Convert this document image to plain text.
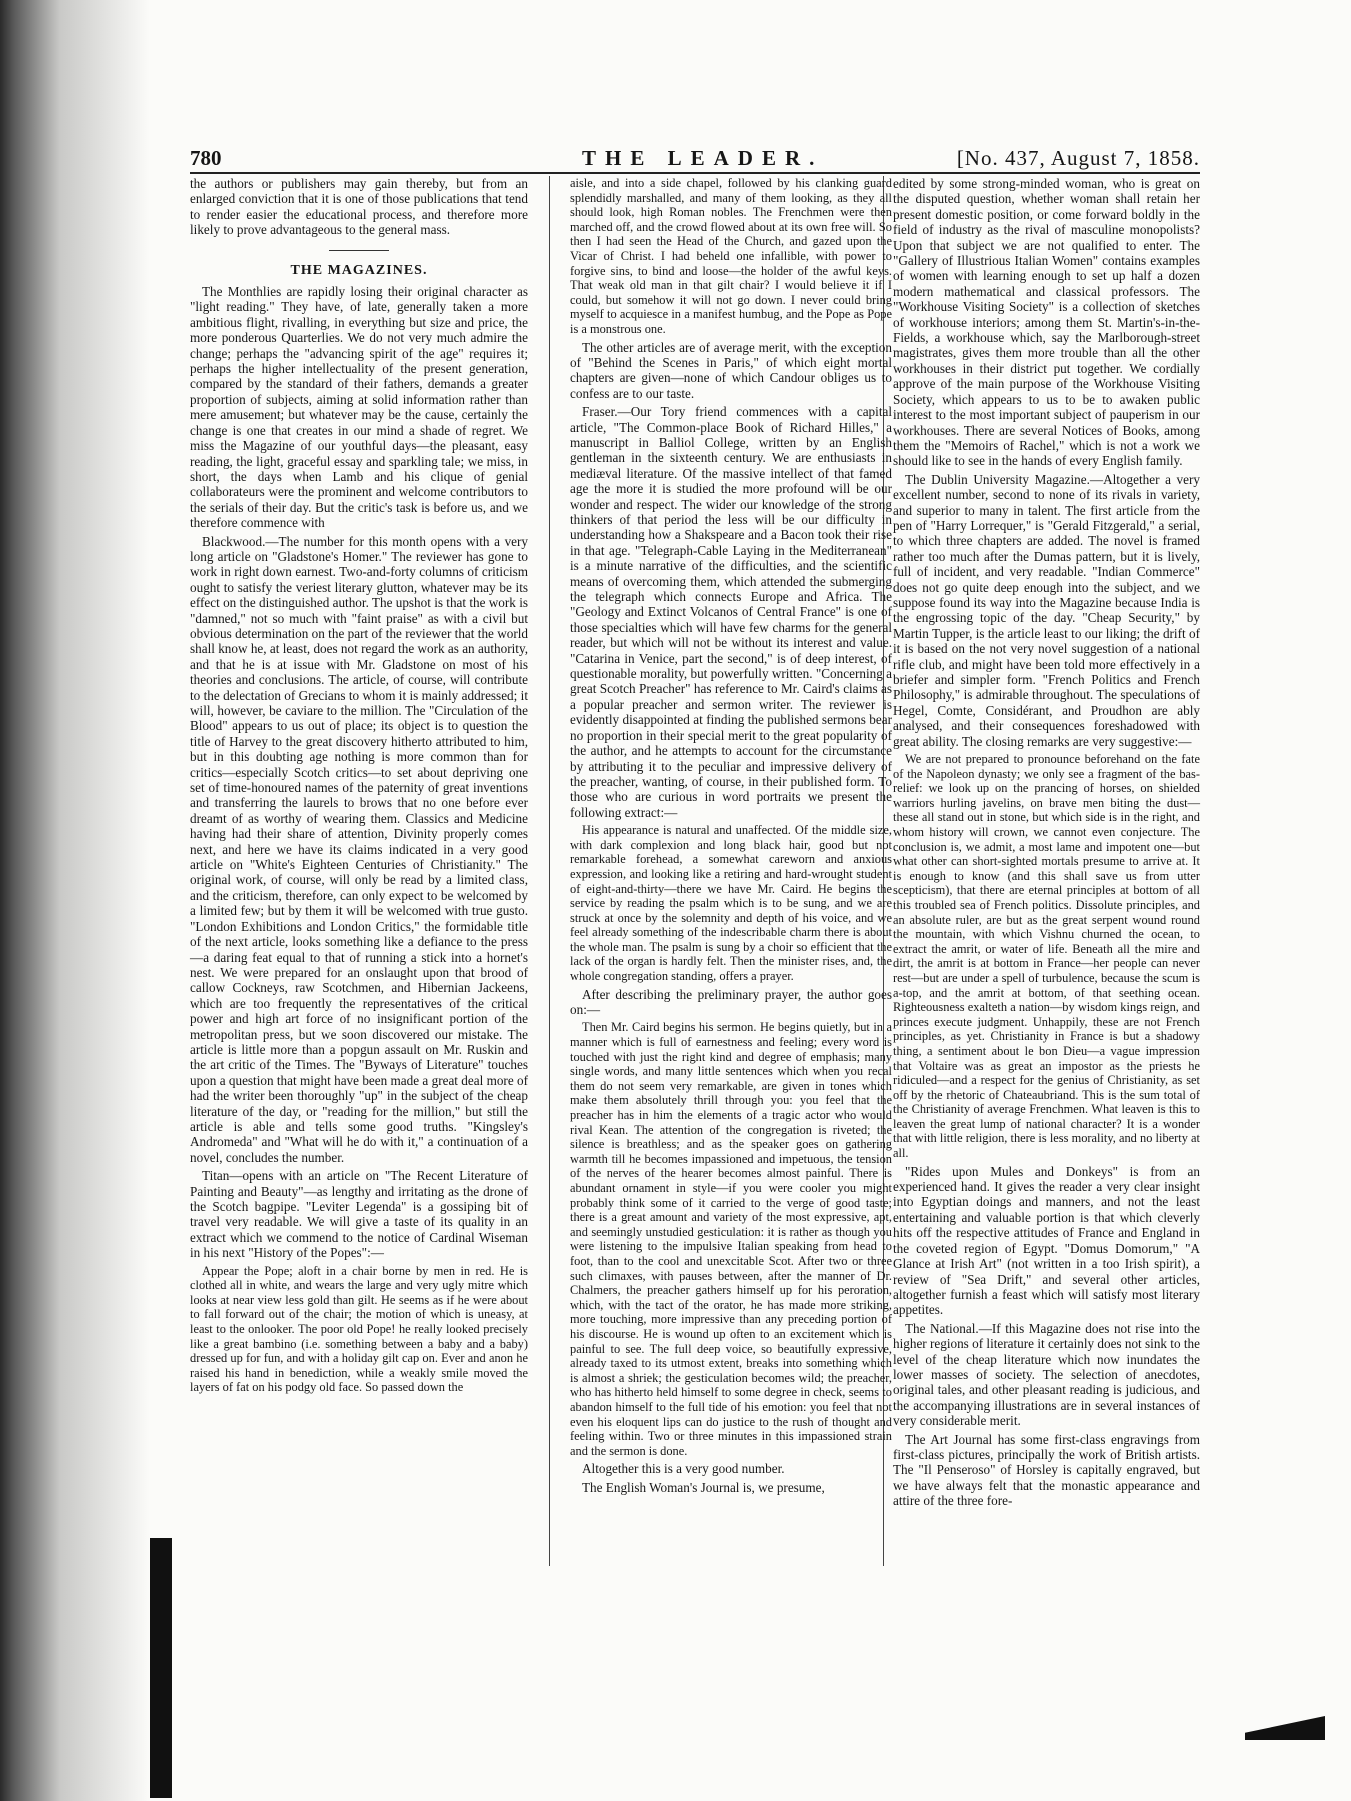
780	THE LEADER.	[No. 437, August 7, 1858.

the authors or publishers may gain thereby, but from an enlarged conviction that it is one of those publications that tend to render easier the educational process, and therefore more likely to prove advantageous to the general mass.

THE MAGAZINES.

The Monthlies are rapidly losing their original character as "light reading." They have, of late, generally taken a more ambitious flight, rivalling, in everything but size and price, the more ponderous Quarterlies. We do not very much admire the change; perhaps the "advancing spirit of the age" requires it; perhaps the higher intellectuality of the present generation, compared by the standard of their fathers, demands a greater proportion of subjects, aiming at solid information rather than mere amusement; but whatever may be the cause, certainly the change is one that creates in our mind a shade of regret. We miss the Magazine of our youthful days—the pleasant, easy reading, the light, graceful essay and sparkling tale; we miss, in short, the days when Lamb and his clique of genial collaborateurs were the prominent and welcome contributors to the serials of their day. But the critic's task is before us, and we therefore commence with

Blackwood.—The number for this month opens with a very long article on "Gladstone's Homer." The reviewer has gone to work in right down earnest. Two-and-forty columns of criticism ought to satisfy the veriest literary glutton, whatever may be its effect on the distinguished author. The upshot is that the work is "damned," not so much with "faint praise" as with a civil but obvious determination on the part of the reviewer that the world shall know he, at least, does not regard the work as an authority, and that he is at issue with Mr. Gladstone on most of his theories and conclusions. The article, of course, will contribute to the delectation of Grecians to whom it is mainly addressed; it will, however, be caviare to the million. The "Circulation of the Blood" appears to us out of place; its object is to question the title of Harvey to the great discovery hitherto attributed to him, but in this doubting age nothing is more common than for critics—especially Scotch critics—to set about depriving one set of time-honoured names of the paternity of great inventions and transferring the laurels to brows that no one before ever dreamt of as worthy of wearing them. Classics and Medicine having had their share of attention, Divinity properly comes next, and here we have its claims indicated in a very good article on "White's Eighteen Centuries of Christianity." The original work, of course, will only be read by a limited class, and the criticism, therefore, can only expect to be welcomed by a limited few; but by them it will be welcomed with true gusto. "London Exhibitions and London Critics," the formidable title of the next article, looks something like a defiance to the press—a daring feat equal to that of running a stick into a hornet's nest. We were prepared for an onslaught upon that brood of callow Cockneys, raw Scotchmen, and Hibernian Jackeens, which are too frequently the representatives of the critical power and high art force of no insignificant portion of the metropolitan press, but we soon discovered our mistake. The article is little more than a popgun assault on Mr. Ruskin and the art critic of the Times. The "Byways of Literature" touches upon a question that might have been made a great deal more of had the writer been thoroughly "up" in the subject of the cheap literature of the day, or "reading for the million," but still the article is able and tells some good truths. "Kingsley's Andromeda" and "What will he do with it," a continuation of a novel, concludes the number.

Titan—opens with an article on "The Recent Literature of Painting and Beauty"—as lengthy and irritating as the drone of the Scotch bagpipe. "Leviter Legenda" is a gossiping bit of travel very readable. We will give a taste of its quality in an extract which we commend to the notice of Cardinal Wiseman in his next "History of the Popes":—

Appear the Pope; aloft in a chair borne by men in red. He is clothed all in white, and wears the large and very ugly mitre which looks at near view less gold than gilt. He seems as if he were about to fall forward out of the chair; the motion of which is uneasy, at least to the onlooker. The poor old Pope! he really looked precisely like a great bambino (i.e. something between a baby and a baby) dressed up for fun, and with a holiday gilt cap on. Ever and anon he raised his hand in benediction, while a weakly smile moved the layers of fat on his podgy old face. So passed down the

aisle, and into a side chapel, followed by his clanking guard splendidly marshalled, and many of them looking, as they all should look, high Roman nobles. The Frenchmen were then marched off, and the crowd flowed about at its own free will. So then I had seen the Head of the Church, and gazed upon the Vicar of Christ. I had beheld one infallible, with power to forgive sins, to bind and loose—the holder of the awful keys. That weak old man in that gilt chair? I would believe it if I could, but somehow it will not go down. I never could bring myself to acquiesce in a manifest humbug, and the Pope as Pope is a monstrous one.

The other articles are of average merit, with the exception of "Behind the Scenes in Paris," of which eight mortal chapters are given—none of which Candour obliges us to confess are to our taste.

Fraser.—Our Tory friend commences with a capital article, "The Common-place Book of Richard Hilles," a manuscript in Balliol College, written by an English gentleman in the sixteenth century. We are enthusiasts in mediæval literature. Of the massive intellect of that famed age the more it is studied the more profound will be our wonder and respect. The wider our knowledge of the strong thinkers of that period the less will be our difficulty in understanding how a Shakspeare and a Bacon took their rise in that age. "Telegraph-Cable Laying in the Mediterranean" is a minute narrative of the difficulties, and the scientific means of overcoming them, which attended the submerging the telegraph which connects Europe and Africa. The "Geology and Extinct Volcanos of Central France" is one of those specialties which will have few charms for the general reader, but which will not be without its interest and value. "Catarina in Venice, part the second," is of deep interest, of questionable morality, but powerfully written. "Concerning a great Scotch Preacher" has reference to Mr. Caird's claims as a popular preacher and sermon writer. The reviewer is evidently disappointed at finding the published sermons bear no proportion in their special merit to the great popularity of the author, and he attempts to account for the circumstance by attributing it to the peculiar and impressive delivery of the preacher, wanting, of course, in their published form. To those who are curious in word portraits we present the following extract:—

His appearance is natural and unaffected. Of the middle size, with dark complexion and long black hair, good but not remarkable forehead, a somewhat careworn and anxious expression, and looking like a retiring and hard-wrought student of eight-and-thirty—there we have Mr. Caird. He begins the service by reading the psalm which is to be sung, and we are struck at once by the solemnity and depth of his voice, and we feel already something of the indescribable charm there is about the whole man. The psalm is sung by a choir so efficient that the lack of the organ is hardly felt. Then the minister rises, and, the whole congregation standing, offers a prayer.

After describing the preliminary prayer, the author goes on:—

Then Mr. Caird begins his sermon. He begins quietly, but in a manner which is full of earnestness and feeling; every word is touched with just the right kind and degree of emphasis; many single words, and many little sentences which when you recal them do not seem very remarkable, are given in tones which make them absolutely thrill through you: you feel that the preacher has in him the elements of a tragic actor who would rival Kean. The attention of the congregation is riveted; the silence is breathless; and as the speaker goes on gathering warmth till he becomes impassioned and impetuous, the tension of the nerves of the hearer becomes almost painful. There is abundant ornament in style—if you were cooler you might probably think some of it carried to the verge of good taste; there is a great amount and variety of the most expressive, apt, and seemingly unstudied gesticulation: it is rather as though you were listening to the impulsive Italian speaking from head to foot, than to the cool and unexcitable Scot. After two or three such climaxes, with pauses between, after the manner of Dr. Chalmers, the preacher gathers himself up for his peroration, which, with the tact of the orator, he has made more striking, more touching, more impressive than any preceding portion of his discourse. He is wound up often to an excitement which is painful to see. The full deep voice, so beautifully expressive, already taxed to its utmost extent, breaks into something which is almost a shriek; the gesticulation becomes wild; the preacher, who has hitherto held himself to some degree in check, seems to abandon himself to the full tide of his emotion: you feel that not even his eloquent lips can do justice to the rush of thought and feeling within. Two or three minutes in this impassioned strain and the sermon is done.

Altogether this is a very good number.

The English Woman's Journal is, we presume,

edited by some strong-minded woman, who is great on the disputed question, whether woman shall retain her present domestic position, or come forward boldly in the field of industry as the rival of masculine monopolists? Upon that subject we are not qualified to enter. The "Gallery of Illustrious Italian Women" contains examples of women with learning enough to set up half a dozen modern mathematical and classical professors. The "Workhouse Visiting Society" is a collection of sketches of workhouse interiors; among them St. Martin's-in-the-Fields, a workhouse which, say the Marlborough-street magistrates, gives them more trouble than all the other workhouses in their district put together. We cordially approve of the main purpose of the Workhouse Visiting Society, which appears to us to be to awaken public interest to the most important subject of pauperism in our workhouses. There are several Notices of Books, among them the "Memoirs of Rachel," which is not a work we should like to see in the hands of every English family.

The Dublin University Magazine.—Altogether a very excellent number, second to none of its rivals in variety, and superior to many in talent. The first article from the pen of "Harry Lorrequer," is "Gerald Fitzgerald," a serial, to which three chapters are added. The novel is framed rather too much after the Dumas pattern, but it is lively, full of incident, and very readable. "Indian Commerce" does not go quite deep enough into the subject, and we suppose found its way into the Magazine because India is the engrossing topic of the day. "Cheap Security," by Martin Tupper, is the article least to our liking; the drift of it is based on the not very novel suggestion of a national rifle club, and might have been told more effectively in a briefer and simpler form. "French Politics and French Philosophy," is admirable throughout. The speculations of Hegel, Comte, Considérant, and Proudhon are ably analysed, and their consequences foreshadowed with great ability. The closing remarks are very suggestive:—

We are not prepared to pronounce beforehand on the fate of the Napoleon dynasty; we only see a fragment of the bas-relief: we look up on the prancing of horses, on shielded warriors hurling javelins, on brave men biting the dust—these all stand out in stone, but which side is in the right, and whom history will crown, we cannot even conjecture. The conclusion is, we admit, a most lame and impotent one—but what other can short-sighted mortals presume to arrive at. It is enough to know (and this shall save us from utter scepticism), that there are eternal principles at bottom of all this troubled sea of French politics. Dissolute principles, and an absolute ruler, are but as the great serpent wound round the mountain, with which Vishnu churned the ocean, to extract the amrit, or water of life. Beneath all the mire and dirt, the amrit is at bottom in France—her people can never rest—but are under a spell of turbulence, because the scum is a-top, and the amrit at bottom, of that seething ocean. Righteousness exalteth a nation—by wisdom kings reign, and princes execute judgment. Unhappily, these are not French principles, as yet. Christianity in France is but a shadowy thing, a sentiment about le bon Dieu—a vague impression that Voltaire was as great an impostor as the priests he ridiculed—and a respect for the genius of Christianity, as set off by the rhetoric of Chateaubriand. This is the sum total of the Christianity of average Frenchmen. What leaven is this to leaven the great lump of national character? It is a wonder that with little religion, there is less morality, and no liberty at all.

"Rides upon Mules and Donkeys" is from an experienced hand. It gives the reader a very clear insight into Egyptian doings and manners, and not the least entertaining and valuable portion is that which cleverly hits off the respective attitudes of France and England in the coveted region of Egypt. "Domus Domorum," "A Glance at Irish Art" (not written in a too Irish spirit), a review of "Sea Drift," and several other articles, altogether furnish a feast which will satisfy most literary appetites.

The National.—If this Magazine does not rise into the higher regions of literature it certainly does not sink to the level of the cheap literature which now inundates the lower masses of society. The selection of anecdotes, original tales, and other pleasant reading is judicious, and the accompanying illustrations are in several instances of very considerable merit.

The Art Journal has some first-class engravings from first-class pictures, principally the work of British artists. The "Il Penseroso" of Horsley is capitally engraved, but we have always felt that the monastic appearance and attire of the three fore-
